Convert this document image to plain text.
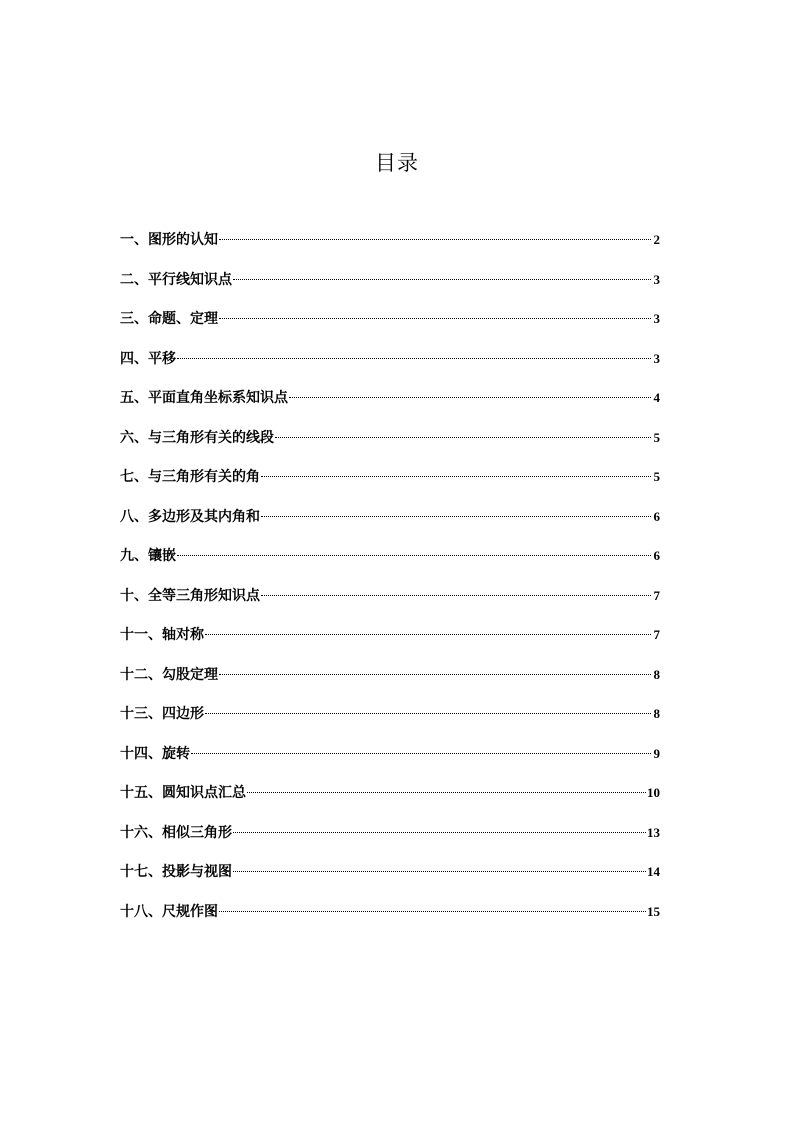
目录
一、图形的认知	2
二、平行线知识点	3
三、命题、定理	3
四、平移	3
五、平面直角坐标系知识点	4
六、与三角形有关的线段	5
七、与三角形有关的角	5
八、多边形及其内角和	6
九、镶嵌	6
十、全等三角形知识点	7
十一、轴对称	7
十二、勾股定理	8
十三、四边形	8
十四、旋转	9
十五、圆知识点汇总	10
十六、相似三角形	13
十七、投影与视图	14
十八、尺规作图	15
